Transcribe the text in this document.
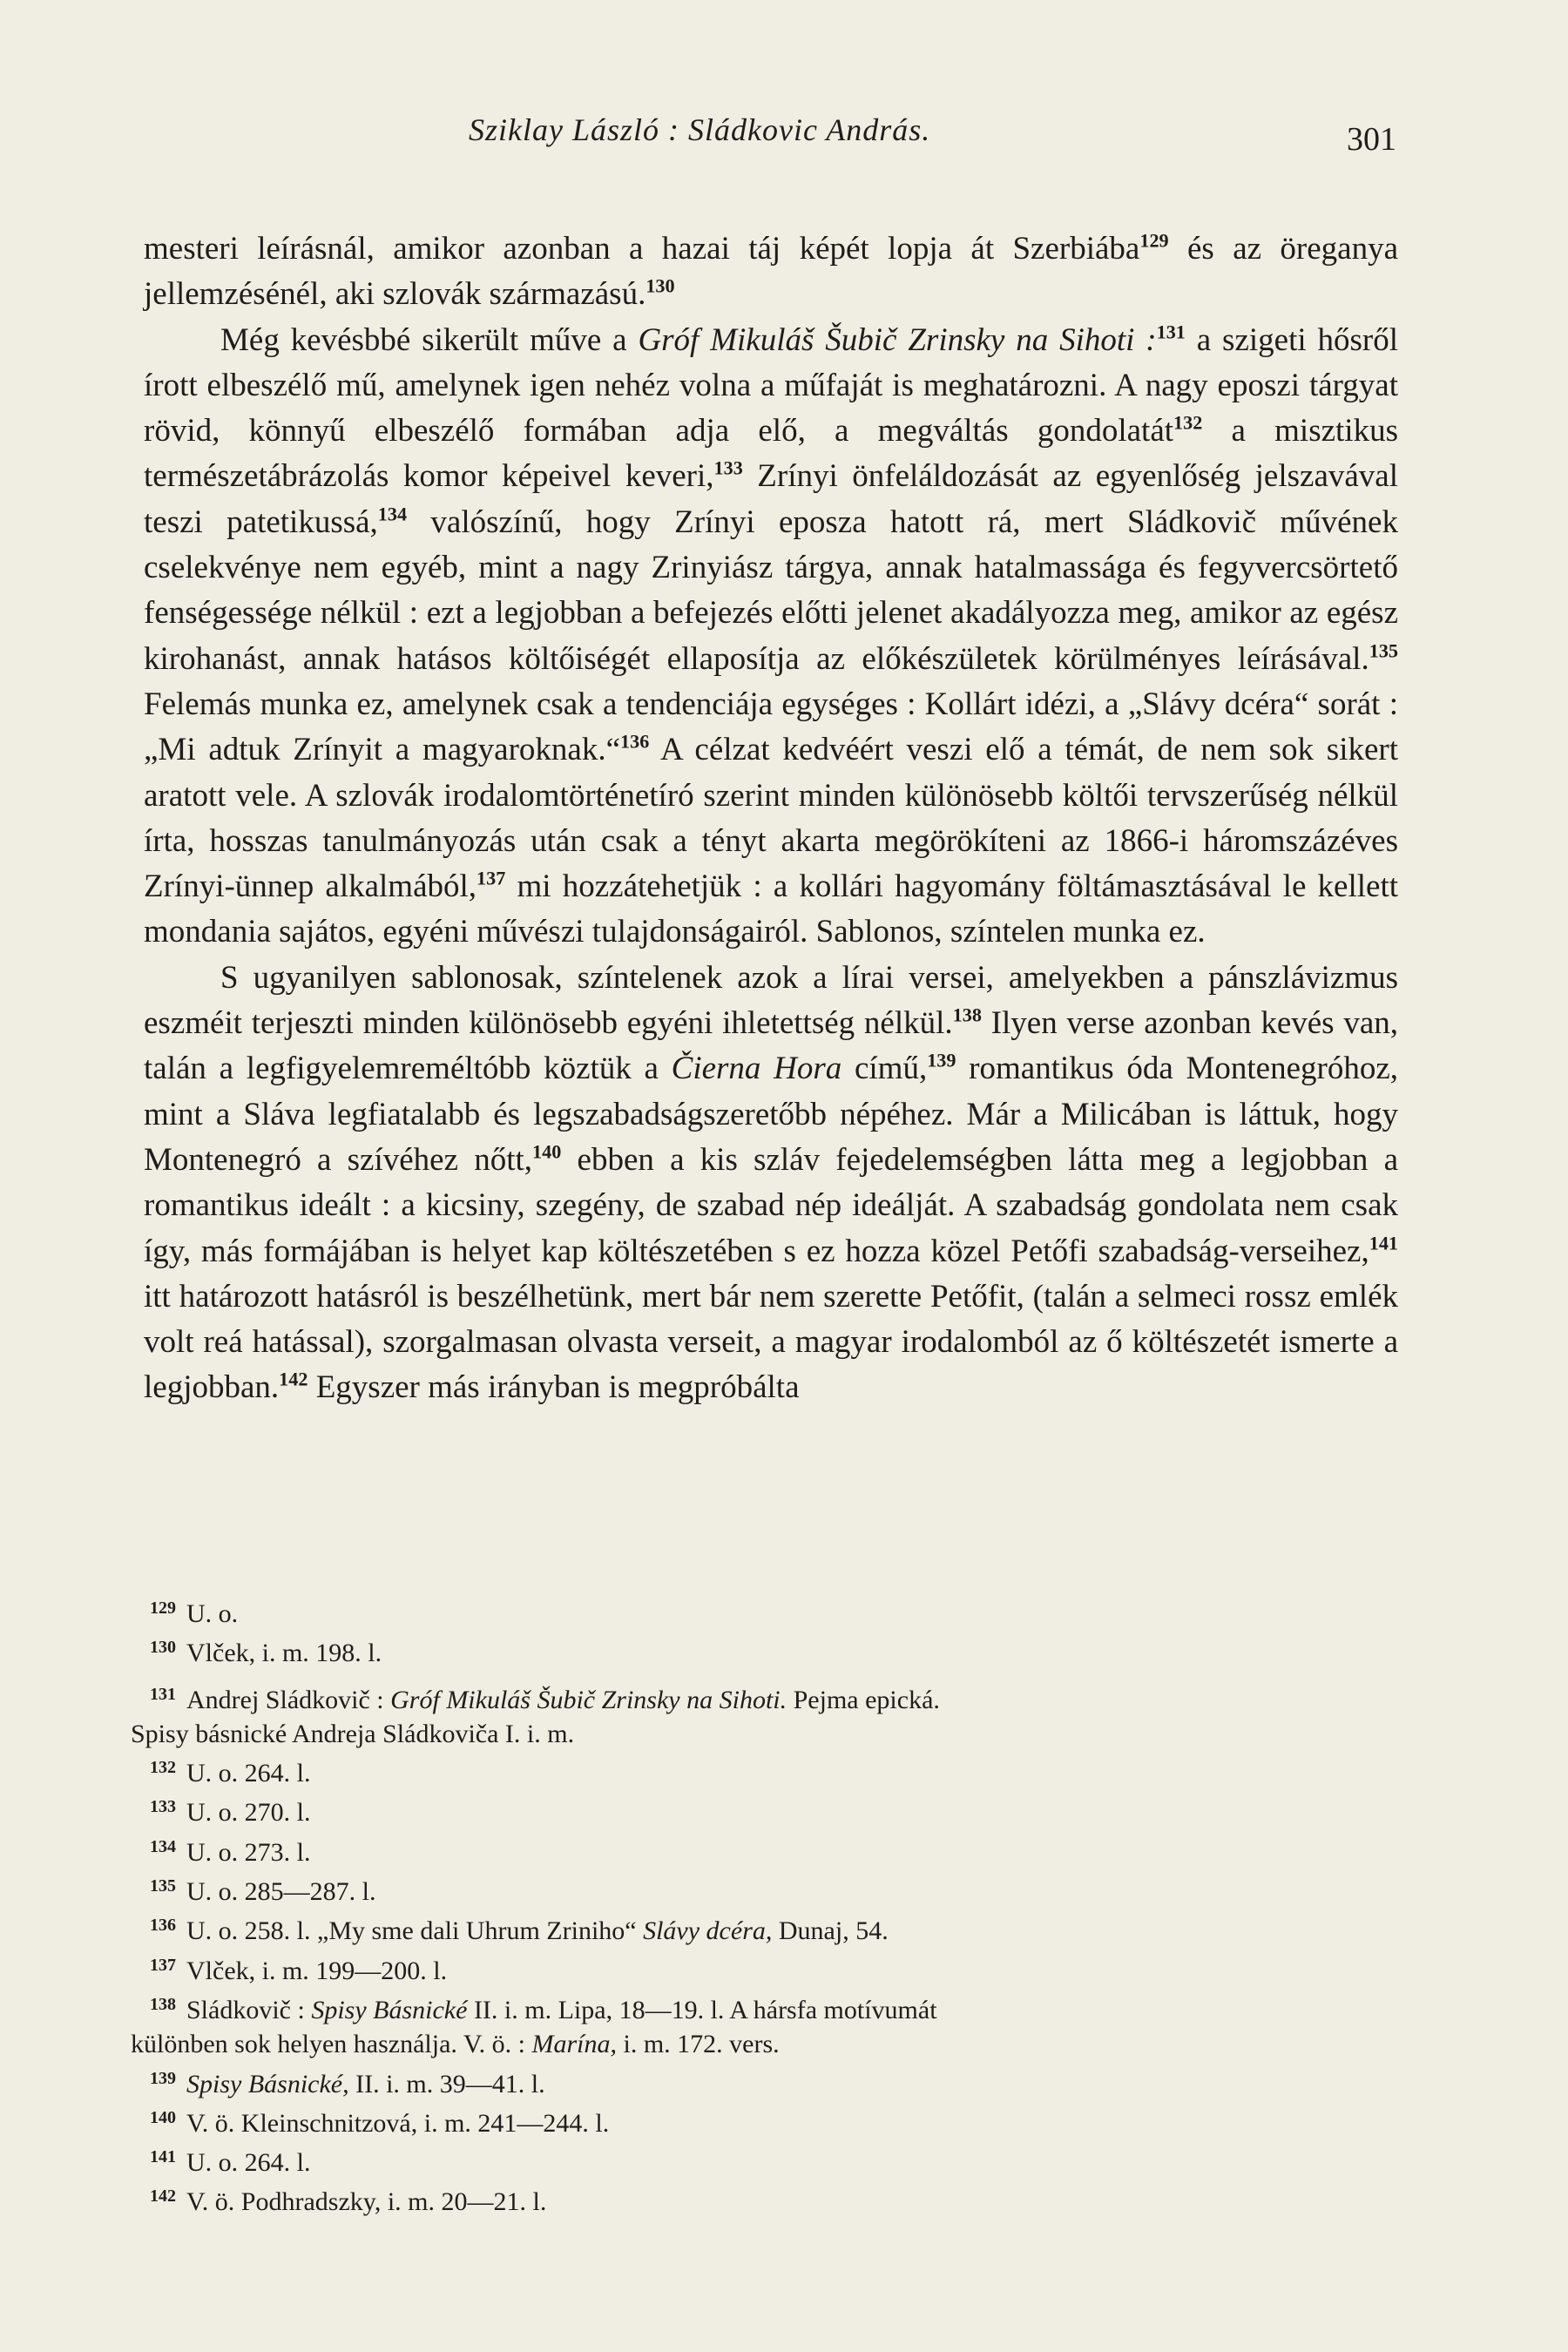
Sziklay László : Sládkovic András.	301

mesteri leírásnál, amikor azonban a hazai táj képét lopja át Szerbiába$^{129}$ és az öreganya jellemzésénél, aki szlovák származású.$^{130}$

Még kevésbbé sikerült műve a Gróf Mikuláš Šubič Zrinsky na Sihoti :$^{131}$ a szigeti hősről írott elbeszélő mű, amelynek igen nehéz volna a műfaját is meghatározni. A nagy eposzi tárgyat rövid, könnyű elbeszélő formában adja elő, a megváltás gondolatát$^{132}$ a misztikus természetábrázolás komor képeivel keveri,$^{133}$ Zrínyi önfeláldozását az egyenlőség jelszavával teszi patetikussá,$^{134}$ valószínű, hogy Zrínyi eposza hatott rá, mert Sládkovič művének cselekvénye nem egyéb, mint a nagy Zrinyiász tárgya, annak hatalmassága és fegyvercsörtető fenségessége nélkül : ezt a legjobban a befejezés előtti jelenet akadályozza meg, amikor az egész kirohanást, annak hatásos költőiségét ellaposítja az előkészületek körülményes leírásával.$^{135}$ Felemás munka ez, amelynek csak a tendenciája egységes : Kollárt idézi, a „Slávy dcéra“ sorát : „Mi adtuk Zrínyit a magyaroknak.“$^{136}$ A célzat kedvéért veszi elő a témát, de nem sok sikert aratott vele. A szlovák irodalomtörténetíró szerint minden különösebb költői tervszerűség nélkül írta, hosszas tanulmányozás után csak a tényt akarta megörökíteni az 1866-i háromszázéves Zrínyi-ünnep alkalmából,$^{137}$ mi hozzátehetjük : a kollári hagyomány föltámasztásával le kellett mondania sajátos, egyéni művészi tulajdonságairól. Sablonos, színtelen munka ez.

S ugyanilyen sablonosak, színtelenek azok a lírai versei, amelyekben a pánszlávizmus eszméit terjeszti minden különösebb egyéni ihletettség nélkül.$^{138}$ Ilyen verse azonban kevés van, talán a legfigyelemreméltóbb köztük a Čierna Hora című,$^{139}$ romantikus óda Montenegróhoz, mint a Sláva legfiatalabb és legszabadságszeretőbb népéhez. Már a Milicában is láttuk, hogy Montenegró a szívéhez nőtt,$^{140}$ ebben a kis szláv fejedelemségben látta meg a legjobban a romantikus ideált : a kicsiny, szegény, de szabad nép ideálját. A szabadság gondolata nem csak így, más formájában is helyet kap költészetében s ez hozza közel Petőfi szabadság-verseihez,$^{141}$ itt határozott hatásról is beszélhetünk, mert bár nem szerette Petőfit, (talán a selmeci rossz emlék volt reá hatással), szorgalmasan olvasta verseit, a magyar irodalomból az ő költészetét ismerte a legjobban.$^{142}$ Egyszer más irányban is megpróbálta

129 U. o.

130 Vlček, i. m. 198. l.

131 Andrej Sládkovič : Gróf Mikuláš Šubič Zrinsky na Sihoti. Pejma epická.

Spisy básnické Andreja Sládkoviča I. i. m.

132 U. o. 264. l.

133 U. o. 270. l.

134 U. o. 273. l.

135 U. o. 285—287. l.

136 U. o. 258. l. „My sme dali Uhrum Zriniho“ Slávy dcéra, Dunaj, 54.

137 Vlček, i. m. 199—200. l.

138 Sládkovič : Spisy Básnické II. i. m. Lipa, 18—19. l. A hársfa motívumát

különben sok helyen használja. V. ö. : Marína, i. m. 172. vers.

139 Spisy Básnické, II. i. m. 39—41. l.

140 V. ö. Kleinschnitzová, i. m. 241—244. l.

141 U. o. 264. l.

142 V. ö. Podhradszky, i. m. 20—21. l.
